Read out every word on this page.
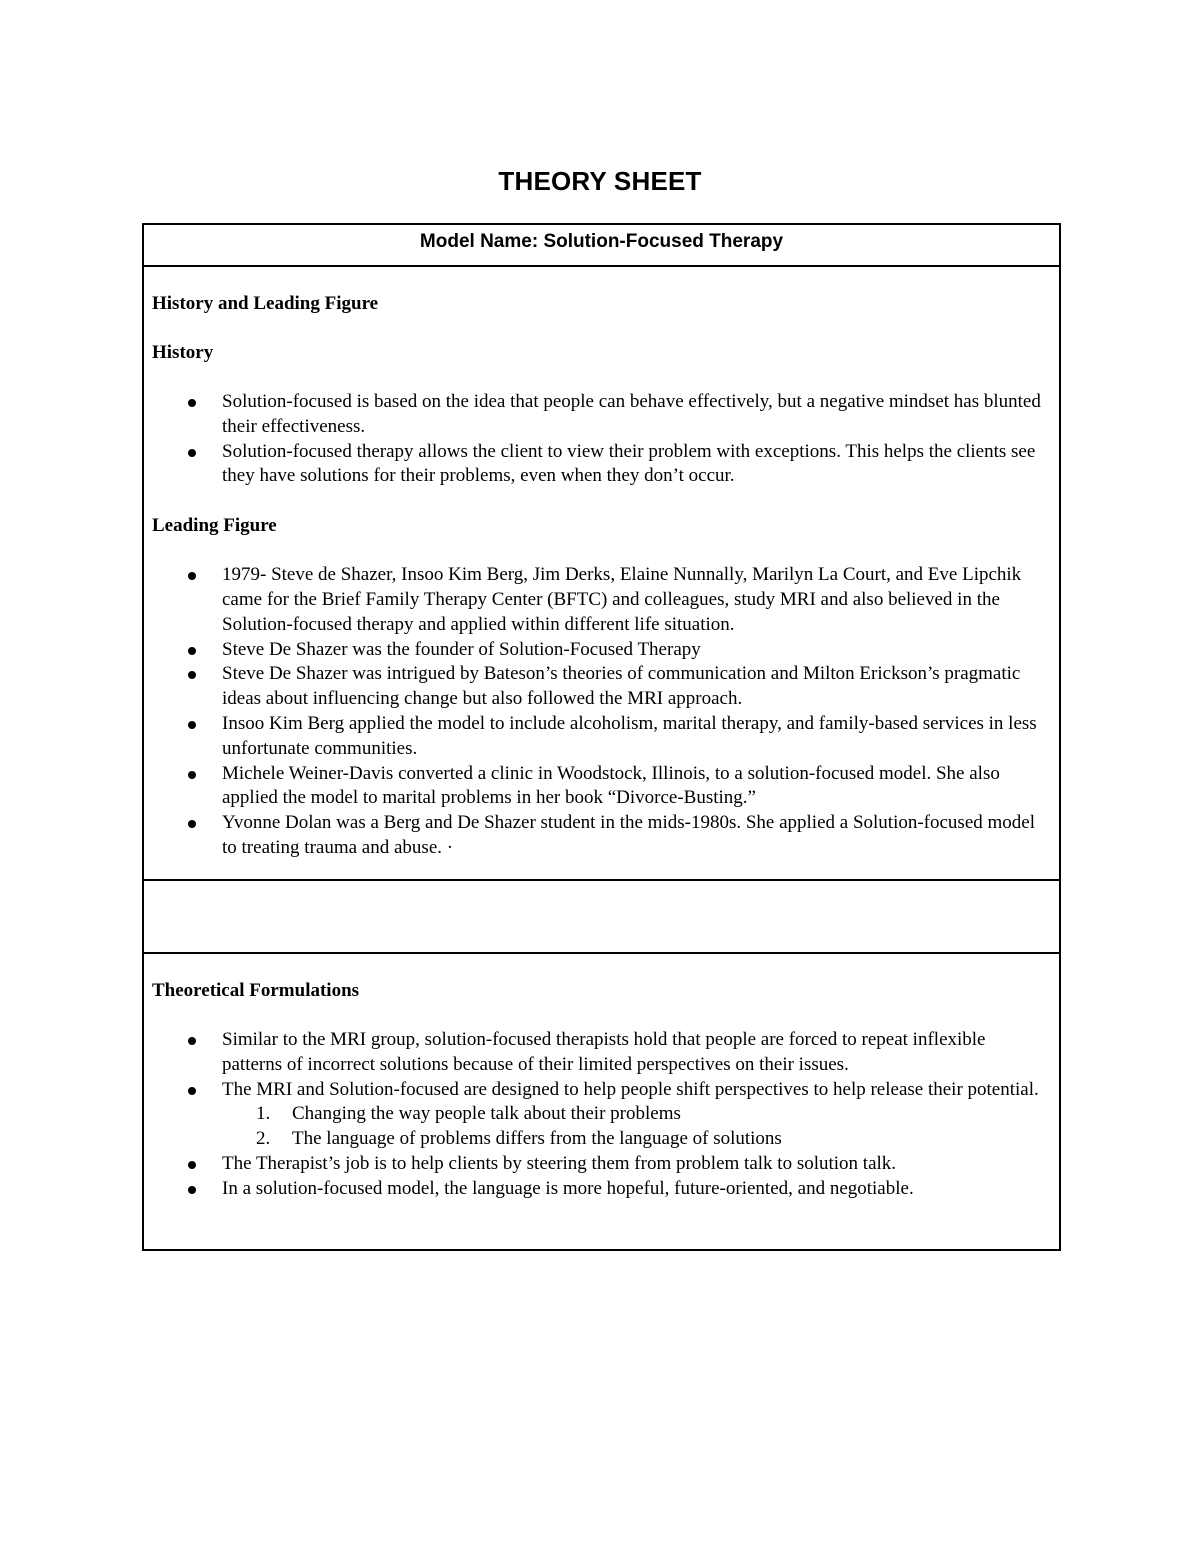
THEORY SHEET
Model Name: Solution-Focused Therapy

History and Leading Figure

History

Solution-focused is based on the idea that people can behave effectively, but a negative mindset has blunted their effectiveness.
Solution-focused therapy allows the client to view their problem with exceptions. This helps the clients see they have solutions for their problems, even when they don’t occur.

Leading Figure

1979- Steve de Shazer, Insoo Kim Berg, Jim Derks, Elaine Nunnally, Marilyn La Court, and Eve Lipchik came for the Brief Family Therapy Center (BFTC) and colleagues, study MRI and also believed in the Solution-focused therapy and applied within different life situation.
Steve De Shazer was the founder of Solution-Focused Therapy
Steve De Shazer was intrigued by Bateson’s theories of communication and Milton Erickson’s pragmatic ideas about influencing change but also followed the MRI approach.
Insoo Kim Berg applied the model to include alcoholism, marital therapy, and family-based services in less unfortunate communities.
Michele Weiner-Davis converted a clinic in Woodstock, Illinois, to a solution-focused model. She also applied the model to marital problems in her book “Divorce-Busting.”
Yvonne Dolan was a Berg and De Shazer student in the mids-1980s. She applied a Solution-focused model to treating trauma and abuse. ·

Theoretical Formulations

Similar to the MRI group, solution-focused therapists hold that people are forced to repeat inflexible patterns of incorrect solutions because of their limited perspectives on their issues.
The MRI and Solution-focused are designed to help people shift perspectives to help release their potential.
1. Changing the way people talk about their problems
2. The language of problems differs from the language of solutions
The Therapist’s job is to help clients by steering them from problem talk to solution talk.
In a solution-focused model, the language is more hopeful, future-oriented, and negotiable.
